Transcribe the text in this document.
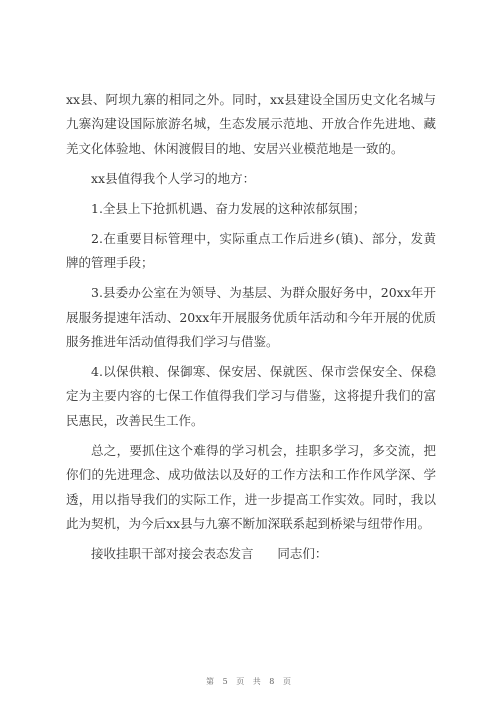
xx县、阿坝九寨的相同之外。同时，xx县建设全国历史文化名城与九寨沟建设国际旅游名城，生态发展示范地、开放合作先进地、藏羌文化体验地、休闲渡假目的地、安居兴业模范地是一致的。

xx县值得我个人学习的地方：

1.全县上下抢抓机遇、奋力发展的这种浓郁氛围；

2.在重要目标管理中，实际重点工作后进乡(镇)、部分，发黄牌的管理手段；

3.县委办公室在为领导、为基层、为群众服好务中，20xx年开展服务提速年活动、20xx年开展服务优质年活动和今年开展的优质服务推进年活动值得我们学习与借鉴。

4.以保供粮、保御寒、保安居、保就医、保市尝保安全、保稳定为主要内容的七保工作值得我们学习与借鉴，这将提升我们的富民惠民，改善民生工作。

总之，要抓住这个难得的学习机会，挂职多学习，多交流，把你们的先进理念、成功做法以及好的工作方法和工作作风学深、学透，用以指导我们的实际工作，进一步提高工作实效。同时，我以此为契机，为今后xx县与九寨不断加深联系起到桥梁与纽带作用。

接收挂职干部对接会表态发言      同志们：

第 5 页 共 8 页
